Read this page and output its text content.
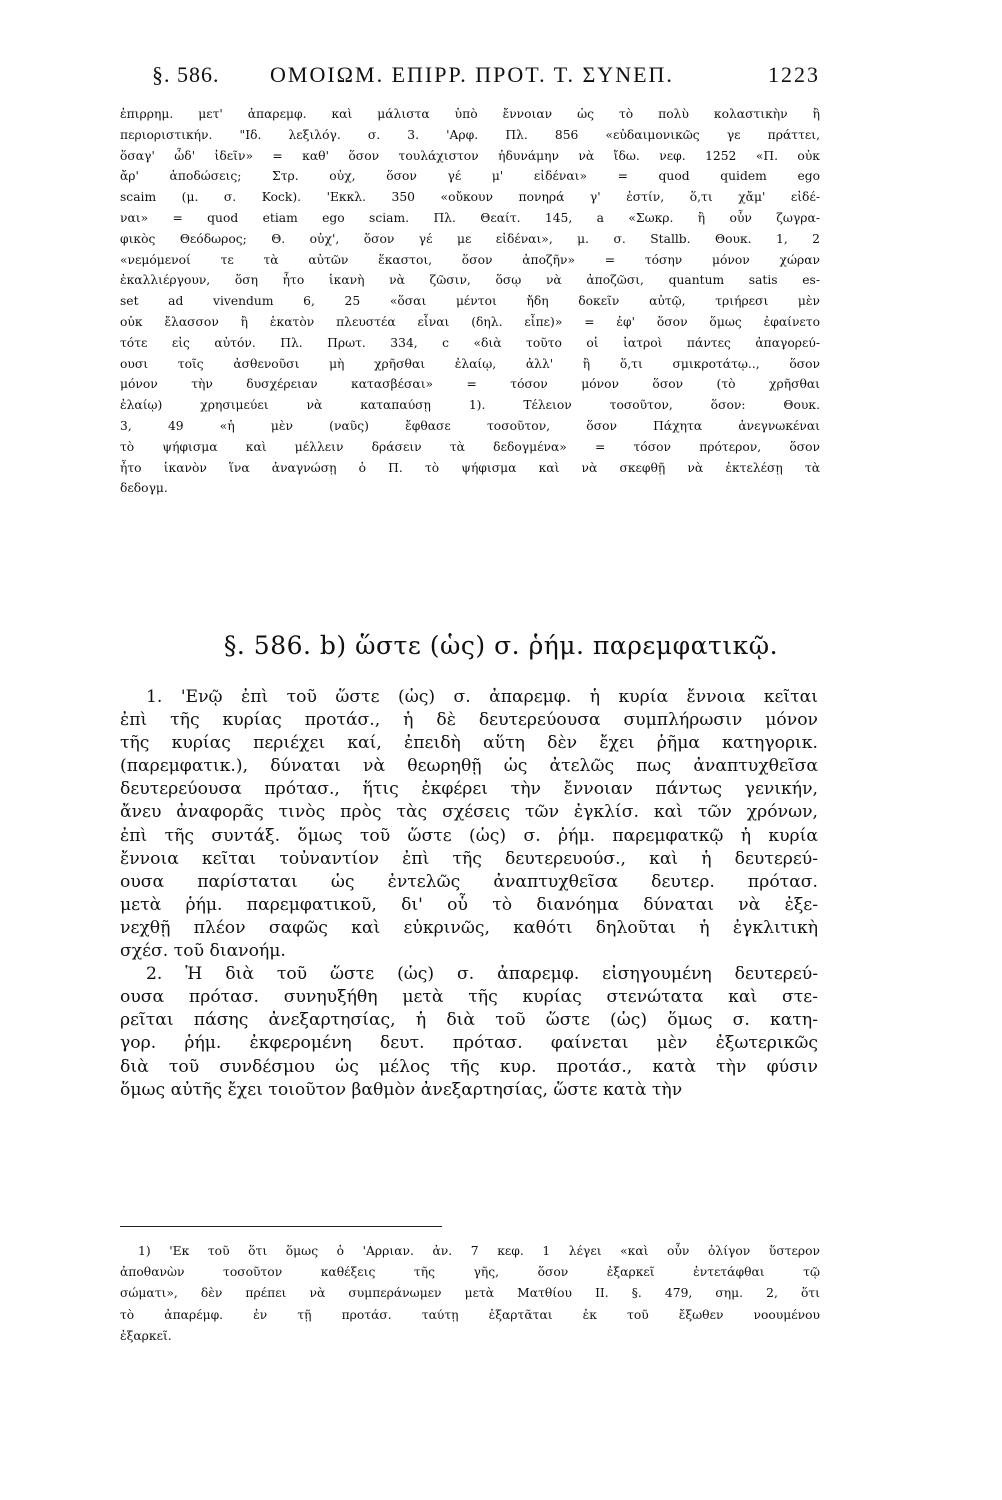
§. 586. ΟΜΟΙΩΜ. ΕΠΙΡΡ. ΠΡΟΤ. Τ. ΣΥΝΕΠ.	1223
ἐπιρρημ. μετ' ἀπαρεμφ. καὶ μάλιστα ὑπὸ ἔννοιαν ὡς τὸ πολὺ κολαστικὴν ἢ
περιοριστικήν. "Ιδ. λεξιλόγ. σ. 3. 'Αρφ. Πλ. 856 «εὐδαιμονικῶς γε πράττει,
ὅσαγ' ὧδ' ἰδεῖν» = καθ' ὅσον τουλάχιστον ἠδυνάμην νὰ ἴδω. νεφ. 1252 «Π. οὐκ
ἄρ' ἀποδώσεις; Στρ. οὐχ, ὅσον γέ μ' εἰδέναι» = quod quidem ego
scaim (μ. σ. Kock). 'Εκκλ. 350 «οὔκουν πονηρά γ' ἐστίν, ὅ,τι χἄμ' εἰδέ-
ναι» = quod etiam ego sciam. Πλ. Θεαίτ. 145, a «Σωκρ. ἢ οὖν ζωγρα-
φικὸς Θεόδωρος; Θ. οὐχ', ὅσον γέ με εἰδέναι», μ. σ. Stallb. Θουκ. 1, 2
«νεμόμενοί τε τὰ αὐτῶν ἕκαστοι, ὅσον ἀποζῆν» = τόσην μόνον χώραν
ἐκαλλιέργουν, ὅση ἦτο ἱκανὴ νὰ ζῶσιν, ὅσῳ νὰ ἀποζῶσι, quantum satis es-
set ad vivendum 6, 25 «ὅσαι μέντοι ἤδη δοκεῖν αὐτῷ, τριήρεσι μὲν
οὐκ ἔλασσον ἢ ἑκατὸν πλευστέα εἶναι (δηλ. εἶπε)» = ἐφ' ὅσον ὅμως ἐφαίνετο
τότε εἰς αὐτόν. Πλ. Πρωτ. 334, c «διὰ τοῦτο οἱ ἰατροὶ πάντες ἀπαγορεύ-
ουσι τοῖς ἀσθενοῦσι μὴ χρῆσθαι ἐλαίῳ, ἀλλ' ἢ ὅ,τι σμικροτάτῳ.., ὅσον
μόνον τὴν δυσχέρειαν κατασβέσαι» = τόσον μόνον ὅσον (τὸ χρῆσθαι
ἐλαίῳ) χρησιμεύει νὰ καταπαύσῃ 1). Τέλειον τοσοῦτον, ὅσον: Θουκ.
3, 49 «ἡ μὲν (ναῦς) ἔφθασε τοσοῦτον, ὅσον Πάχητα ἀνεγνωκέναι
τὸ ψήφισμα καὶ μέλλειν δράσειν τὰ δεδογμένα» = τόσον πρότερον, ὅσον
ἦτο ἱκανὸν ἵνα ἀναγνώσῃ ὁ Π. τὸ ψήφισμα καὶ νὰ σκεφθῇ νὰ ἐκτελέσῃ τὰ
δεδογμ.
§. 586. b) ὥστε (ὡς) σ. ῥήμ. παρεμφατικῷ.
1. 'Ενῷ ἐπὶ τοῦ ὥστε (ὡς) σ. ἀπαρεμφ. ἡ κυρία ἔννοια κεῖται
ἐπὶ τῆς κυρίας προτάσ., ἡ δὲ δευτερεύουσα συμπλήρωσιν μόνον
τῆς κυρίας περιέχει καί, ἐπειδὴ αὕτη δὲν ἔχει ῥῆμα κατηγορικ.
(παρεμφατικ.), δύναται νὰ θεωρηθῇ ὡς ἀτελῶς πως ἀναπτυχθεῖσα
δευτερεύουσα πρότασ., ἥτις ἐκφέρει τὴν ἔννοιαν πάντως γενικήν,
ἄνευ ἀναφορᾶς τινὸς πρὸς τὰς σχέσεις τῶν ἐγκλίσ. καὶ τῶν χρόνων,
ἐπὶ τῆς συντάξ. ὅμως τοῦ ὥστε (ὡς) σ. ῥήμ. παρεμφατκῷ ἡ κυρία
ἔννοια κεῖται τοὐναντίον ἐπὶ τῆς δευτερευούσ., καὶ ἡ δευτερεύ-
ουσα παρίσταται ὡς ἐντελῶς ἀναπτυχθεῖσα δευτερ. πρότασ.
μετὰ ῥήμ. παρεμφατικοῦ, δι' οὗ τὸ διανόημα δύναται νὰ ἐξε-
νεχθῇ πλέον σαφῶς καὶ εὐκρινῶς, καθότι δηλοῦται ἡ ἐγκλιτικὴ
σχέσ. τοῦ διανοήμ.
2. Ἡ διὰ τοῦ ὥστε (ὡς) σ. ἀπαρεμφ. εἰσηγουμένη δευτερεύ-
ουσα πρότασ. συνηυξήθη μετὰ τῆς κυρίας στενώτατα καὶ στε-
ρεῖται πάσης ἀνεξαρτησίας, ἡ διὰ τοῦ ὥστε (ὡς) ὅμως σ. κατη-
γορ. ῥήμ. ἐκφερομένη δευτ. πρότασ. φαίνεται μὲν ἐξωτερικῶς
διὰ τοῦ συνδέσμου ὡς μέλος τῆς κυρ. προτάσ., κατὰ τὴν φύσιν
ὅμως αὐτῆς ἔχει τοιοῦτον βαθμὸν ἀνεξαρτησίας, ὥστε κατὰ τὴν
1) 'Εκ τοῦ ὅτι ὅμως ὁ 'Αρριαν. ἀν. 7 κεφ. 1 λέγει «καὶ οὖν ὀλίγον ὕστερον
ἀποθανὼν τοσοῦτον καθέξεις τῆς γῆς, ὅσον ἐξαρκεῖ ἐντετάφθαι τῷ
σώματι», δὲν πρέπει νὰ συμπεράνωμεν μετὰ Ματθίου II. §. 479, σημ. 2, ὅτι
τὸ ἀπαρέμφ. ἐν τῇ προτάσ. ταύτῃ ἐξαρτᾶται ἐκ τοῦ ἔξωθεν νοουμένου
ἐξαρκεῖ.
